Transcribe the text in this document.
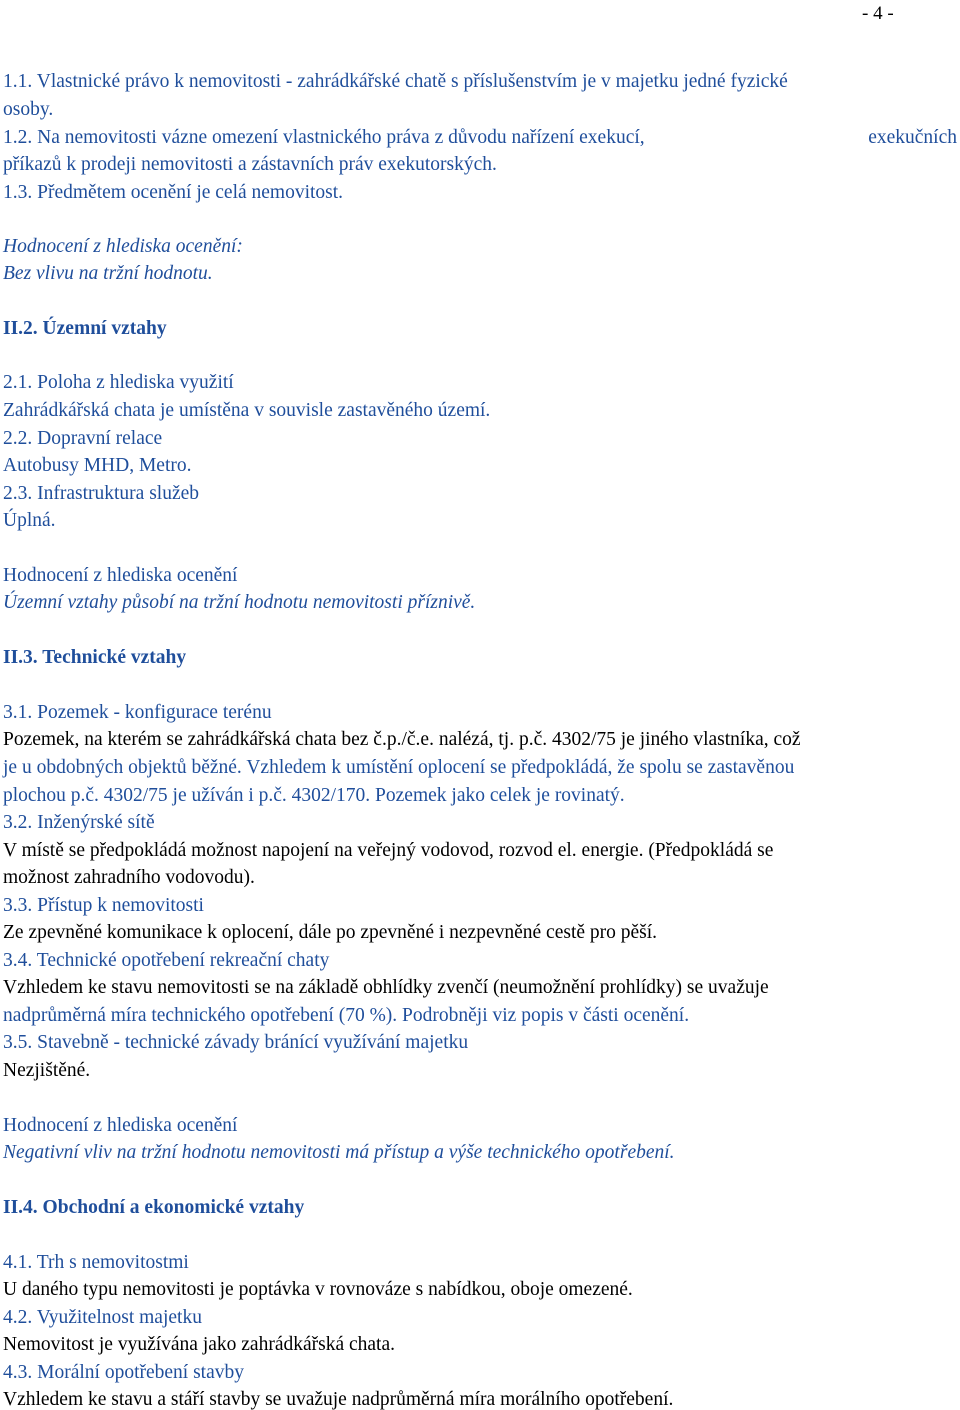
- 4 -
1.1. Vlastnické právo k nemovitosti - zahrádkářské chatě s příslušenstvím je v majetku jedné fyzické
osoby.
1.2. Na nemovitosti vázne omezení vlastnického práva z důvodu nařízení exekucí,	exekučních
příkazů k prodeji nemovitosti a zástavních práv exekutorských.
1.3. Předmětem ocenění je celá nemovitost.
Hodnocení z hlediska ocenění:
Bez vlivu na tržní hodnotu.
II.2. Územní vztahy
2.1. Poloha z hlediska využití
Zahrádkářská chata je umístěna v souvisle zastavěného území.
2.2. Dopravní relace
Autobusy MHD, Metro.
2.3. Infrastruktura služeb
Úplná.
Hodnocení z hlediska ocenění
Územní vztahy působí na tržní hodnotu nemovitosti příznivě.
II.3. Technické vztahy
3.1. Pozemek - konfigurace terénu
Pozemek, na kterém se zahrádkářská chata bez č.p./č.e. nalézá, tj. p.č. 4302/75 je jiného vlastníka, což
je u obdobných objektů běžné. Vzhledem k umístění oplocení se předpokládá, že spolu se zastavěnou
plochou p.č. 4302/75 je užíván i p.č. 4302/170. Pozemek jako celek je rovinatý.
3.2. Inženýrské sítě
V místě se předpokládá možnost napojení na veřejný vodovod, rozvod el. energie. (Předpokládá se
možnost zahradního vodovodu).
3.3. Přístup k nemovitosti
Ze zpevněné komunikace k oplocení, dále po zpevněné i nezpevněné cestě pro pěší.
3.4. Technické opotřebení rekreační chaty
Vzhledem ke stavu nemovitosti se na základě obhlídky zvenčí (neumožnění prohlídky) se uvažuje
nadprůměrná míra technického opotřebení (70 %). Podrobněji viz popis v části ocenění.
3.5. Stavebně - technické závady bránící využívání majetku
Nezjištěné.
Hodnocení z hlediska ocenění
Negativní vliv na tržní hodnotu nemovitosti má přístup a výše technického opotřebení.
II.4. Obchodní a ekonomické vztahy
4.1. Trh s nemovitostmi
U daného typu nemovitosti je poptávka v rovnováze s nabídkou, oboje omezené.
4.2. Využitelnost majetku
Nemovitost je využívána jako zahrádkářská chata.
4.3. Morální opotřebení stavby
Vzhledem ke stavu a stáří stavby se uvažuje nadprůměrná míra morálního opotřebení.
